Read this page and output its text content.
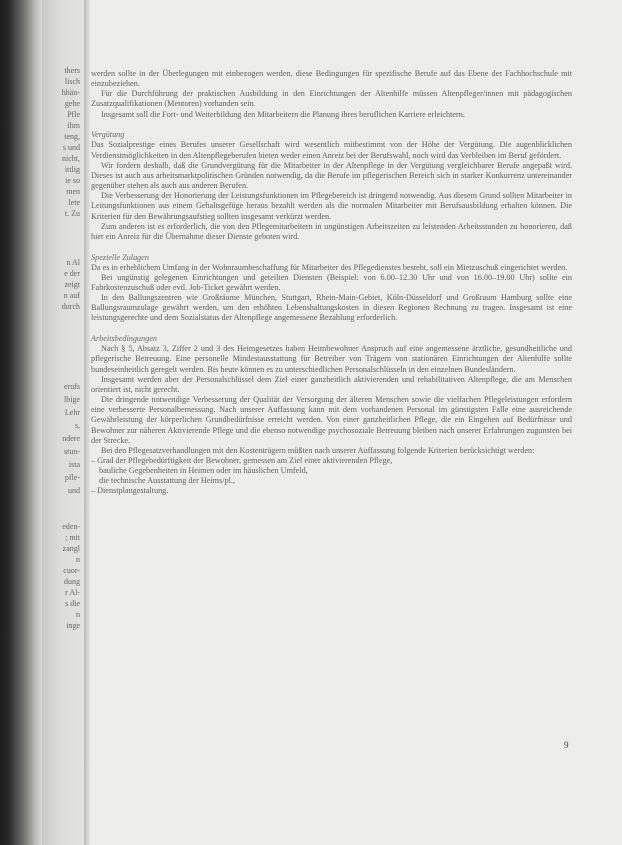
thers
lisch
hhän-
gehe
Pfle
ihm
teng,
s und
nicht,
ittlig
ie so
men
lete
t. Zu
n Al
e der
zeigt
n auf
durch
erufs
lbige
Lehr
s,
ndere
stun-
ista
pfle-
und
eden-
; mit
zangl
n
cuor-
dung
r Al-
s die
n
inge

werden sollte in der Überlegungen mit einbezogen werden, diese Bedingungen für spezifische Berufe auf das Ebene der Fachhochschule mit einzubeziehen.

Für die Durchführung der praktischen Ausbildung in den Einrichtungen der Altenhilfe müssen Altenpfleger/innen mit pädagogischen Zusatzqualifikationen (Mentoren) vorhanden sein.

Insgesamt soll die Fort- und Weiterbildung den Mitarbeitern die Planung ihres beruflichen Karriere erleichtern.

Vergütung

Das Sozialprestige eines Berufes unserer Gesellschaft wird wesentlich mitbestimmt von der Höhe der Vergütung. Die augenblicklichen Verdienstmöglichkeiten in den Altenpflegeberufen bieten weder einen Anreiz bei der Berufswahl, noch wird das Verbleiben im Beruf gefördert.

Wir fordern deshalb, daß die Grundvergütung für die Mitarbeiter in der Altenpflege in der Vergütung vergleichbarer Berufe angepaßt wird. Dieses ist auch aus arbeitsmarktpolitischen Gründen notwendig, da die Berufe im pflegerischen Bereich sich in starker Konkurrenz untereinander gegenüber stehen als auch aus anderen Berufen.

Die Verbesserung der Honorierung der Leistungsfunktionen im Pflegebereich ist dringend notwendig. Aus diesem Grund sollten Mitarbeiter in Leitungsfunktionen aus einem Gehaltsgefüge heraus bezahlt werden als die normalen Mitarbeiter mit Berufsausbildung erhalten können. Die Kriterien für den Bewährungsaufstieg sollten insgesamt verkürzt werden.

Zum anderen ist es erforderlich, die von den Pflegemitarbeitern in ungünstigen Arbeitszeiten zu leistenden Arbeitsstunden zu honorieren, daß hier ein Anreiz für die Übernahme dieser Dienste geboten wird.

Spezielle Zulagen

Da es in erheblichem Umfang in der Wohnraumbeschaffung für Mitarbeiter des Pflegedienstes besteht, soll ein Mietzuschuß eingerichtet werden.

Bei ungünstig gelegenen Einrichtungen und geteilten Diensten (Beispiel: von 6.00–12.30 Uhr und von 16.00–19.00 Uhr) sollte ein Fahrkostenzuschuß oder evtl. Job-Ticket gewährt werden.

In den Ballungszentren wie Großräume München, Stuttgart, Rhein-Main-Gebiet, Köln-Düsseldorf und Großraum Hamburg sollte eine Ballungsraumzulage gewährt werden, um den erhöhten Lebenshaltungskosten in diesen Regionen Rechnung zu tragen. Insgesamt ist eine leistungsgerechte und dem Sozialstatus der Altenpflege angemessene Bezahlung erforderlich.

Arbeitsbedingungen

Nach § 5, Absatz 3, Ziffer 2 und 3 des Heimgesetzes haben Heimbewohner Anspruch auf eine angemessene ärztliche, gesundheitliche und pflegerische Betreuung. Eine personelle Mindestausstattung für Betreiber von Trägern von stationären Einrichtungen der Altenhilfe sollte bundeseinheitlich geregelt werden. Bis heute können es zu unterschiedlichen Personalschlüsseln in den einzelnen Bundesländern.

Insgesamt werden aber der Personalschlüssel dem Ziel einer ganzheitlich aktivierenden und rehabilitativen Altenpflege, die am Menschen orientiert ist, nicht gerecht.

Die dringende notwendige Verbesserung der Qualität der Versorgung der älteren Menschen sowie die vielfachen Pflegeleistungen erfordern eine verbesserte Personalbemessung. Nach unserer Auffassung kann mit dem vorhandenen Personal im günstigsten Falle eine ausreichende Gewährleistung der körperlichen Grundbedürfnisse erreicht werden. Von einer ganzheitlichen Pflege, die ein Eingehen auf Bedürfnisse und Bewohner zur näheren Aktivierende Pflege und die ebenso notwendige psychosoziale Betreuung bleiben nach unserer Erfahrungen zugunsten bei der Strecke.

Bei den Pflegesatzverhandlungen mit den Kostenträgern müßten nach unserer Auffassung folgende Kriterien berücksichtigt werden:

– Grad der Pflegebedürftigkeit der Bewohner, gemessen am Ziel einer aktivierenden Pflege,

bauliche Gegebenheiten in Heimen oder im häuslichen Umfeld,

die technische Ausstattung der Heims/pl.,

– Dienstplangestaltung.

9
